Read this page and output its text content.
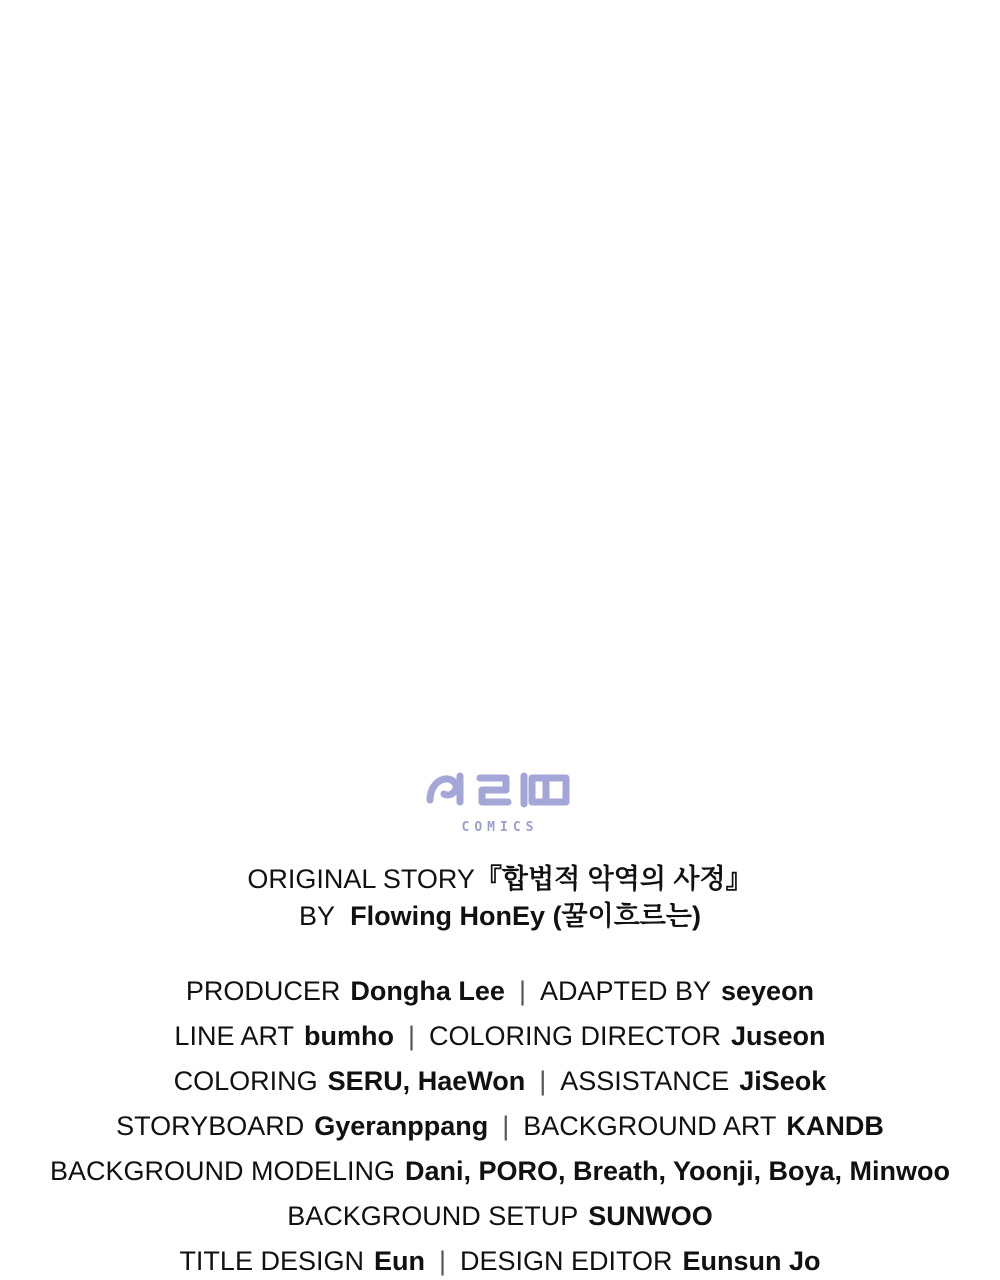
COMICS
ORIGINAL STORY『합법적 악역의 사정』
BY Flowing HonEy (꿀이흐르는)
PRODUCER Dongha Lee | ADAPTED BY seyeon
LINE ART bumho | COLORING DIRECTOR Juseon
COLORING SERU, HaeWon | ASSISTANCE JiSeok
STORYBOARD Gyeranppang | BACKGROUND ART KANDB
BACKGROUND MODELING Dani, PORO, Breath, Yoonji, Boya, Minwoo
BACKGROUND SETUP SUNWOO
TITLE DESIGN Eun | DESIGN EDITOR Eunsun Jo
